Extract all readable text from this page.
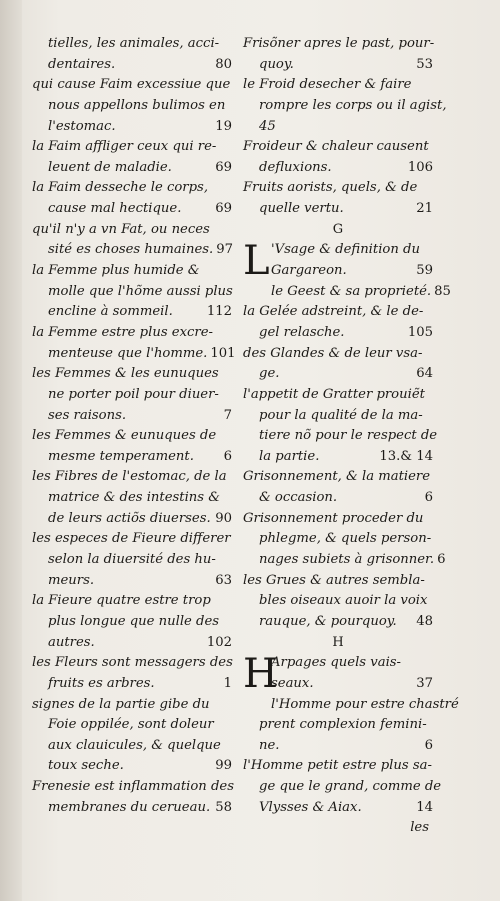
tielles, les animales, acci-
dentaires.	80
qui cause Faim excessiue que
nous appellons bulimos en
l'estomac.	19
la Faim affliger ceux qui re-
leuent de maladie.	69
la Faim desseche le corps,
cause mal hectique.	69
qu'il n'y a vn Fat, ou neces
sité es choses humaines. 97
la Femme plus humide &
molle que l'hõme aussi plus
encline à sommeil.	112
la Femme estre plus excre-
menteuse que l'homme. 101
les Femmes & les eunuques
ne porter poil pour diuer-
ses raisons.	7
les Femmes & eunuques de
mesme temperament. 6
les Fibres de l'estomac, de la
matrice & des intestins &
de leurs actiõs diuerses. 90
les especes de Fieure differer
selon la diuersité des hu-
meurs.	63
la Fieure quatre estre trop
plus longue que nulle des
autres.	102
les Fleurs sont messagers des
fruits es arbres.	1
signes de la partie gibe du
Foie oppilée, sont doleur
aux clauicules, & quelque
toux seche.	99
Frenesie est inflammation des
membranes du cerueau. 58
Frisõner apres le past, pour-
quoy.	53
le Froid desecher & faire
rompre les corps ou il agist,
45
Froideur & chaleur causent
defluxions.	106
Fruits aorists, quels, & de
quelle vertu.	21
G
L 'Vsage & definition du
Gargareon.	59
le Geest & sa proprieté. 85
la Gelée adstreint, & le de-
gel relasche.	105
des Glandes & de leur vsa-
ge.	64
l'appetit de Gratter prouiẽt
pour la qualité de la ma-
tiere nõ pour le respect de
la partie.	13.& 14
Grisonnement, & la matiere
& occasion.	6
Grisonnement proceder du
phlegme, & quels person-
nages subiets à grisonner. 6
les Grues & autres sembla-
bles oiseaux auoir la voix
rauque, & pourquoy. 48
H
H
Arpages quels vais-
seaux.	37
l'Homme pour estre chastré
prent complexion femini-
ne.	6
l'Homme petit estre plus sa-
ge que le grand, comme de
Vlysses & Aiax.	14
les
